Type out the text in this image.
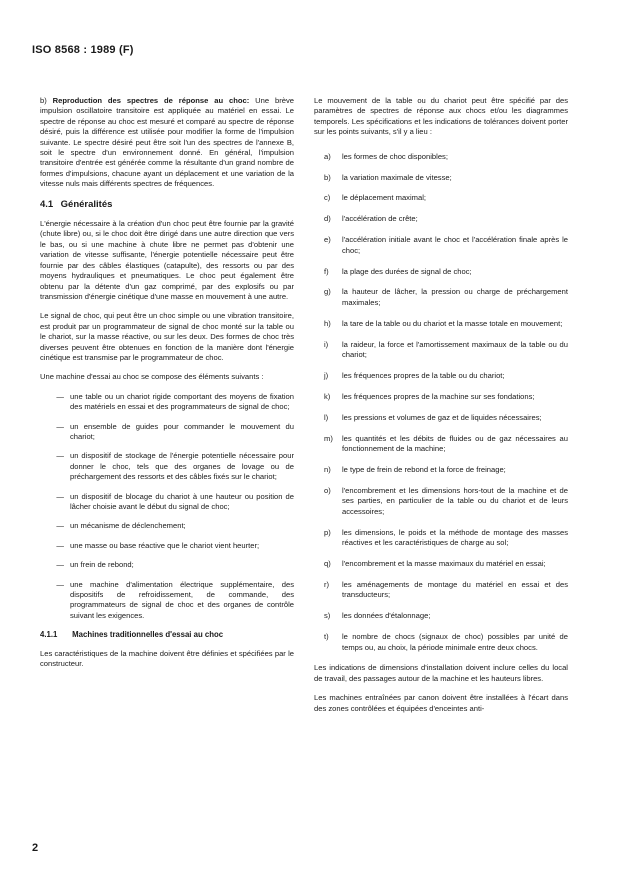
ISO 8568 : 1989 (F)

b) Reproduction des spectres de réponse au choc: Une brève impulsion oscillatoire transitoire est appliquée au matériel en essai. Le spectre de réponse au choc est mesuré et comparé au spectre de réponse désiré, puis la différence est utilisée pour modifier la forme de l'impulsion suivante. Le spectre désiré peut être soit l'un des spectres de l'annexe B, soit le spectre d'un environnement donné. En général, l'impulsion transitoire d'entrée est générée comme la résultante d'un grand nombre de formes d'impulsions, chacune ayant un déplacement et une variation de la vitesse nuls mais différents spectres de fréquences.

4.1 Généralités

L'énergie nécessaire à la création d'un choc peut être fournie par la gravité (chute libre) ou, si le choc doit être dirigé dans une autre direction que vers le bas, ou si une machine à chute libre ne permet pas d'obtenir une variation de vitesse suffisante, l'énergie potentielle nécessaire peut être fournie par des câbles élastiques (catapulte), des ressorts ou par des moyens hydrauliques et pneumatiques. Le choc peut également être obtenu par la détente d'un gaz comprimé, par des explosifs ou par transmission d'énergie cinétique d'une masse en mouvement à une autre.

Le signal de choc, qui peut être un choc simple ou une vibration transitoire, est produit par un programmateur de signal de choc monté sur la table ou le chariot, sur la masse réactive, ou sur les deux. Des formes de choc très diverses peuvent être obtenues en fonction de la manière dont l'énergie cinétique est transmise par le programmateur de choc.

Une machine d'essai au choc se compose des éléments suivants :

— une table ou un chariot rigide comportant des moyens de fixation des matériels en essai et des programmateurs de signal de choc;
— un ensemble de guides pour commander le mouvement du chariot;
— un dispositif de stockage de l'énergie potentielle nécessaire pour donner le choc, tels que des organes de lovage ou de préchargement des ressorts et des câbles fixés sur le chariot;
— un dispositif de blocage du chariot à une hauteur ou position de lâcher choisie avant le début du signal de choc;
— un mécanisme de déclenchement;
— une masse ou base réactive que le chariot vient heurter;
— un frein de rebond;
— une machine d'alimentation électrique supplémentaire, des dispositifs de refroidissement, de commande, des programmateurs de signal de choc et des organes de contrôle suivant les exigences.
4.1.1 Machines traditionnelles d'essai au choc

Les caractéristiques de la machine doivent être définies et spécifiées par le constructeur.

Le mouvement de la table ou du chariot peut être spécifié par des paramètres de spectres de réponse aux chocs et/ou les diagrammes temporels. Les spécifications et les indications de tolérances doivent porter sur les points suivants, s'il y a lieu :

a)	les formes de choc disponibles;
b)	la variation maximale de vitesse;
c)	le déplacement maximal;
d)	l'accélération de crête;
e)	l'accélération initiale avant le choc et l'accélération finale après le choc;
f)	la plage des durées de signal de choc;
g)	la hauteur de lâcher, la pression ou charge de préchargement maximales;
h)	la tare de la table ou du chariot et la masse totale en mouvement;
i)	la raideur, la force et l'amortissement maximaux de la table ou du chariot;
j)	les fréquences propres de la table ou du chariot;
k)	les fréquences propres de la machine sur ses fondations;
l)	les pressions et volumes de gaz et de liquides nécessaires;
m)	les quantités et les débits de fluides ou de gaz nécessaires au fonctionnement de la machine;
n)	le type de frein de rebond et la force de freinage;
o)	l'encombrement et les dimensions hors-tout de la machine et de ses parties, en particulier de la table ou du chariot et de leurs accessoires;
p)	les dimensions, le poids et la méthode de montage des masses réactives et les caractéristiques de charge au sol;
q)	l'encombrement et la masse maximaux du matériel en essai;
r)	les aménagements de montage du matériel en essai et des transducteurs;
s)	les données d'étalonnage;
t)	le nombre de chocs (signaux de choc) possibles par unité de temps ou, au choix, la période minimale entre deux chocs.

Les indications de dimensions d'installation doivent inclure celles du local de travail, des passages autour de la machine et les hauteurs libres.

Les machines entraînées par canon doivent être installées à l'écart dans des zones contrôlées et équipées d'enceintes anti-

2
